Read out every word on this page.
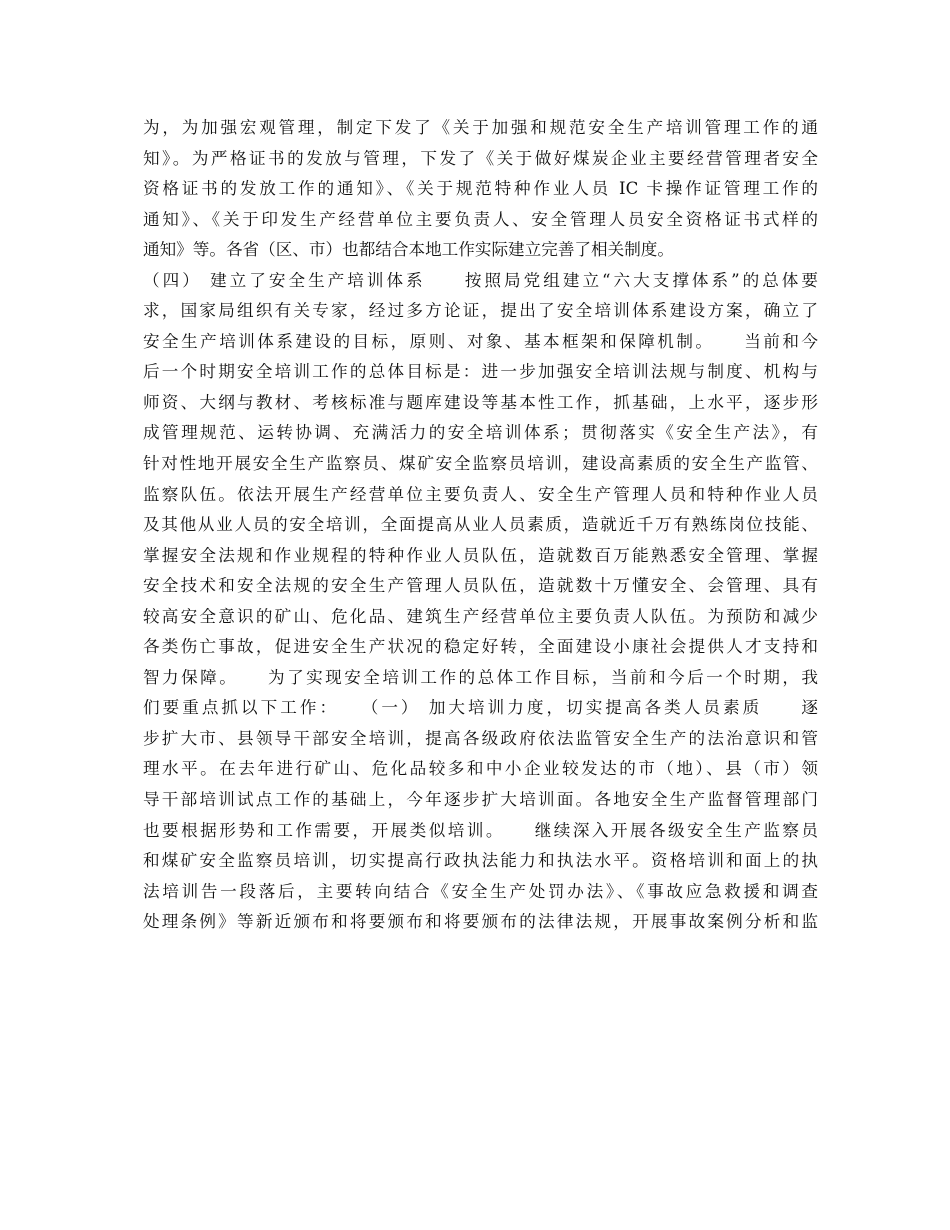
为，为加强宏观管理，制定下发了《关于加强和规范安全生产培训管理工作的通
知》。为严格证书的发放与管理，下发了《关于做好煤炭企业主要经营管理者安全
资格证书的发放工作的通知》、《关于规范特种作业人员 IC 卡操作证管理工作的
通知》、《关于印发生产经营单位主要负责人、安全管理人员安全资格证书式样的
通知》等。各省（区、市）也都结合本地工作实际建立完善了相关制度。
（四） 建立了安全生产培训体系　　按照局党组建立“六大支撑体系”的总体要
求，国家局组织有关专家，经过多方论证，提出了安全培训体系建设方案，确立了
安全生产培训体系建设的目标，原则、对象、基本框架和保障机制。　　当前和今
后一个时期安全培训工作的总体目标是：进一步加强安全培训法规与制度、机构与
师资、大纲与教材、考核标准与题库建设等基本性工作，抓基础，上水平，逐步形
成管理规范、运转协调、充满活力的安全培训体系；贯彻落实《安全生产法》，有
针对性地开展安全生产监察员、煤矿安全监察员培训，建设高素质的安全生产监管、
监察队伍。依法开展生产经营单位主要负责人、安全生产管理人员和特种作业人员
及其他从业人员的安全培训，全面提高从业人员素质，造就近千万有熟练岗位技能、
掌握安全法规和作业规程的特种作业人员队伍，造就数百万能熟悉安全管理、掌握
安全技术和安全法规的安全生产管理人员队伍，造就数十万懂安全、会管理、具有
较高安全意识的矿山、危化品、建筑生产经营单位主要负责人队伍。为预防和减少
各类伤亡事故，促进安全生产状况的稳定好转，全面建设小康社会提供人才支持和
智力保障。　　为了实现安全培训工作的总体工作目标，当前和今后一个时期，我
们要重点抓以下工作：　　（一） 加大培训力度，切实提高各类人员素质　　逐
步扩大市、县领导干部安全培训，提高各级政府依法监管安全生产的法治意识和管
理水平。在去年进行矿山、危化品较多和中小企业较发达的市（地）、县（市）领
导干部培训试点工作的基础上，今年逐步扩大培训面。各地安全生产监督管理部门
也要根据形势和工作需要，开展类似培训。　　继续深入开展各级安全生产监察员
和煤矿安全监察员培训，切实提高行政执法能力和执法水平。资格培训和面上的执
法培训告一段落后，主要转向结合《安全生产处罚办法》、《事故应急救援和调查
处理条例》等新近颁布和将要颁布和将要颁布的法律法规，开展事故案例分析和监
